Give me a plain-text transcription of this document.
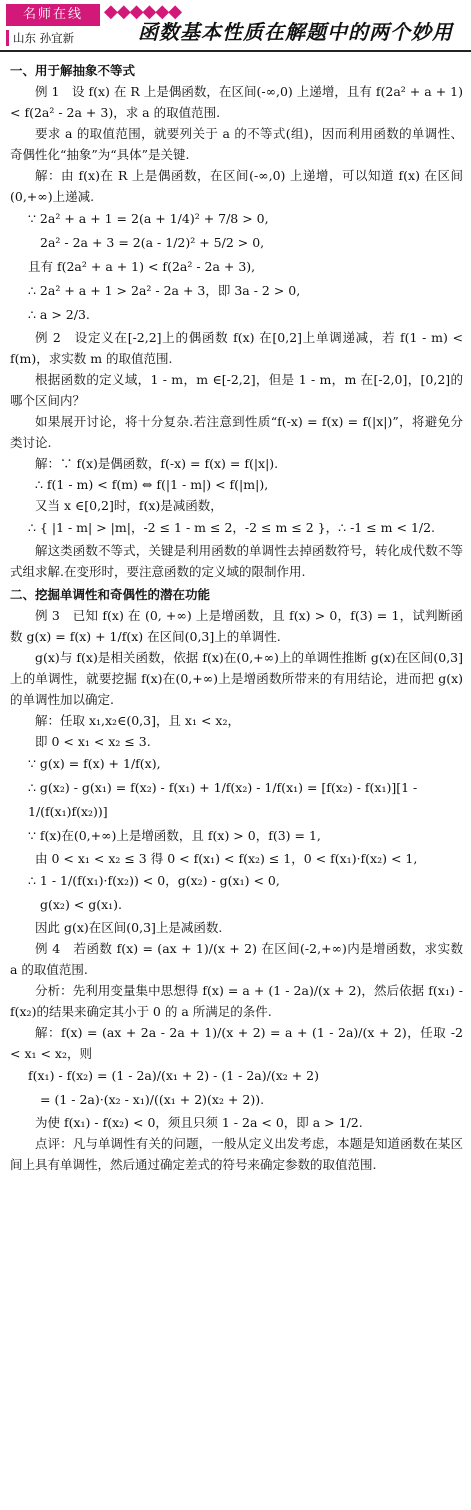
名师在线	◆◆◆◆◆◆
山东 孙宜新	函数基本性质在解题中的两个妙用

一、用于解抽象不等式

例 1　设 f(x) 在 R 上是偶函数，在区间(-∞,0) 上递增，且有 f(2a² + a + 1) < f(2a² - 2a + 3)，求 a 的取值范围.

要求 a 的取值范围，就要列关于 a 的不等式(组)，因而利用函数的单调性、奇偶性化“抽象”为“具体”是关键.

解：由 f(x)在 R 上是偶函数，在区间(-∞,0) 上递增，可以知道 f(x) 在区间(0,+∞)上递减.

∵ 2a² + a + 1 = 2(a + 1/4)² + 7/8 > 0,

2a² - 2a + 3 = 2(a - 1/2)² + 5/2 > 0,

且有 f(2a² + a + 1) < f(2a² - 2a + 3),

∴ 2a² + a + 1 > 2a² - 2a + 3，即 3a - 2 > 0,

∴ a > 2/3.

例 2　设定义在[-2,2]上的偶函数 f(x) 在[0,2]上单调递减，若 f(1 - m) < f(m)，求实数 m 的取值范围.

根据函数的定义域，1 - m，m ∈[-2,2]，但是 1 - m，m 在[-2,0]，[0,2]的哪个区间内？

如果展开讨论，将十分复杂.若注意到性质“f(-x) = f(x) = f(|x|)”，将避免分类讨论.

解：∵ f(x)是偶函数，f(-x) = f(x) = f(|x|).

∴ f(1 - m) < f(m) ⇔ f(|1 - m|) < f(|m|),

又当 x ∈[0,2]时，f(x)是减函数，

∴ { |1 - m| > |m|，-2 ≤ 1 - m ≤ 2，-2 ≤ m ≤ 2 }，∴ -1 ≤ m < 1/2.

解这类函数不等式，关键是利用函数的单调性去掉函数符号，转化成代数不等式组求解.在变形时，要注意函数的定义域的限制作用.

二、挖掘单调性和奇偶性的潜在功能

例 3　已知 f(x) 在 (0, +∞) 上是增函数，且 f(x) > 0，f(3) = 1，试判断函数 g(x) = f(x) + 1/f(x) 在区间(0,3]上的单调性.

g(x)与 f(x)是相关函数，依据 f(x)在(0,+∞)上的单调性推断 g(x)在区间(0,3]上的单调性，就要挖掘 f(x)在(0,+∞)上是增函数所带来的有用结论，进而把 g(x)的单调性加以确定.

解：任取 x₁,x₂∈(0,3]，且 x₁ < x₂，

即 0 < x₁ < x₂ ≤ 3.

∵ g(x) = f(x) + 1/f(x),

∴ g(x₂) - g(x₁) = f(x₂) - f(x₁) + 1/f(x₂) - 1/f(x₁) = [f(x₂) - f(x₁)][1 - 1/(f(x₁)f(x₂))]

∵ f(x)在(0,+∞)上是增函数，且 f(x) > 0，f(3) = 1,

由 0 < x₁ < x₂ ≤ 3 得 0 < f(x₁) < f(x₂) ≤ 1，0 < f(x₁)·f(x₂) < 1,

∴ 1 - 1/(f(x₁)·f(x₂)) < 0，g(x₂) - g(x₁) < 0,

g(x₂) < g(x₁).

因此 g(x)在区间(0,3]上是减函数.

例 4　若函数 f(x) = (ax + 1)/(x + 2) 在区间(-2,+∞)内是增函数，求实数 a 的取值范围.

分析：先利用变量集中思想得 f(x) = a + (1 - 2a)/(x + 2)，然后依据 f(x₁) - f(x₂)的结果来确定其小于 0 的 a 所满足的条件.

解：f(x) = (ax + 2a - 2a + 1)/(x + 2) = a + (1 - 2a)/(x + 2)，任取 -2 < x₁ < x₂，则

f(x₁) - f(x₂) = (1 - 2a)/(x₁ + 2) - (1 - 2a)/(x₂ + 2)

= (1 - 2a)·(x₂ - x₁)/((x₁ + 2)(x₂ + 2)).

为使 f(x₁) - f(x₂) < 0，须且只须 1 - 2a < 0，即 a > 1/2.

点评：凡与单调性有关的问题，一般从定义出发考虑，本题是知道函数在某区间上具有单调性，然后通过确定差式的符号来确定参数的取值范围.
